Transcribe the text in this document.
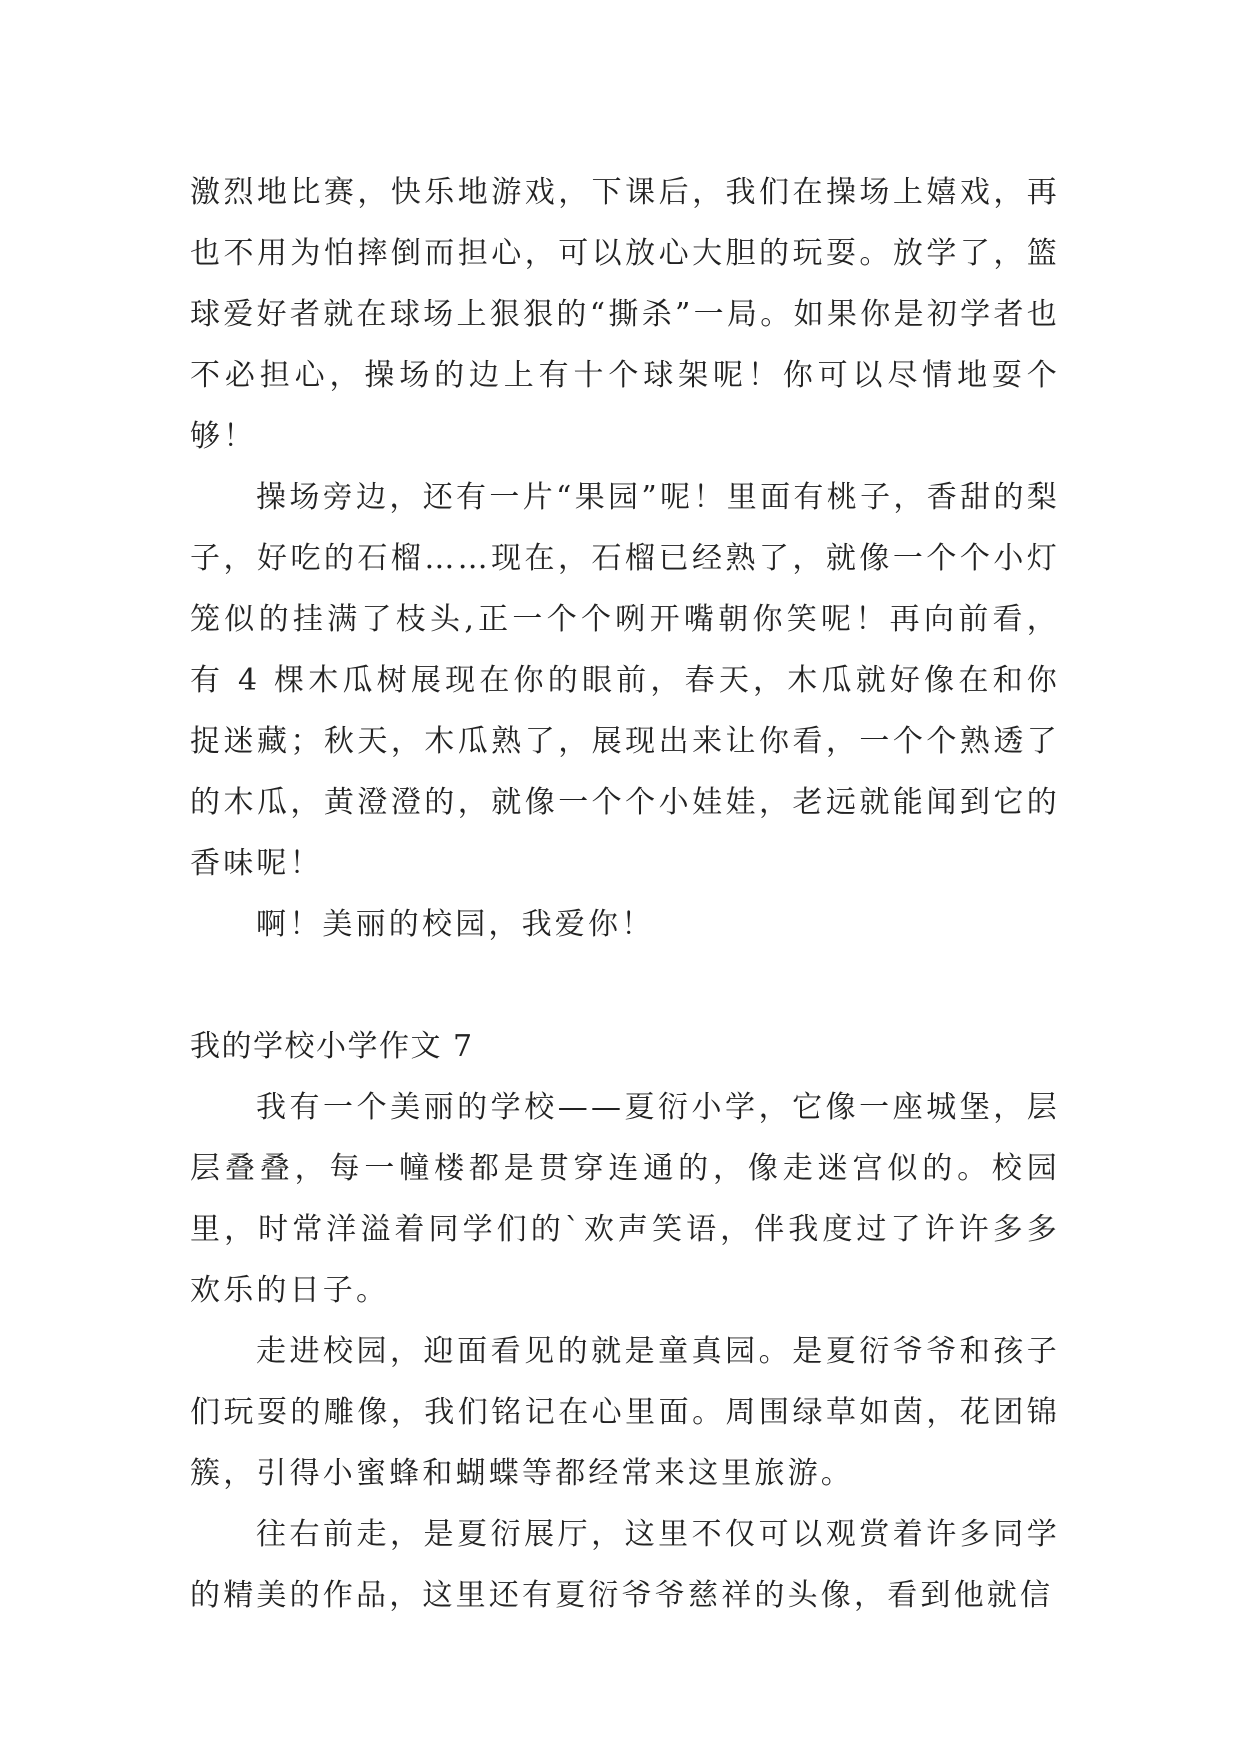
激烈地比赛，快乐地游戏，下课后，我们在操场上嬉戏，再也不用为怕摔倒而担心，可以放心大胆的玩耍。放学了，篮球爱好者就在球场上狠狠的“撕杀”一局。如果你是初学者也不必担心，操场的边上有十个球架呢！你可以尽情地耍个够！

操场旁边，还有一片“果园”呢！里面有桃子，香甜的梨子，好吃的石榴……现在，石榴已经熟了，就像一个个小灯笼似的挂满了枝头,正一个个咧开嘴朝你笑呢！再向前看，有 4 棵木瓜树展现在你的眼前，春天，木瓜就好像在和你捉迷藏；秋天，木瓜熟了，展现出来让你看，一个个熟透了的木瓜，黄澄澄的，就像一个个小娃娃，老远就能闻到它的香味呢！

啊！美丽的校园，我爱你！

我的学校小学作文 7

我有一个美丽的学校——夏衍小学，它像一座城堡，层层叠叠，每一幢楼都是贯穿连通的，像走迷宫似的。校园里，时常洋溢着同学们的`欢声笑语，伴我度过了许许多多欢乐的日子。

走进校园，迎面看见的就是童真园。是夏衍爷爷和孩子们玩耍的雕像，我们铭记在心里面。周围绿草如茵，花团锦簇，引得小蜜蜂和蝴蝶等都经常来这里旅游。

往右前走，是夏衍展厅，这里不仅可以观赏着许多同学的精美的作品，这里还有夏衍爷爷慈祥的头像，看到他就信
